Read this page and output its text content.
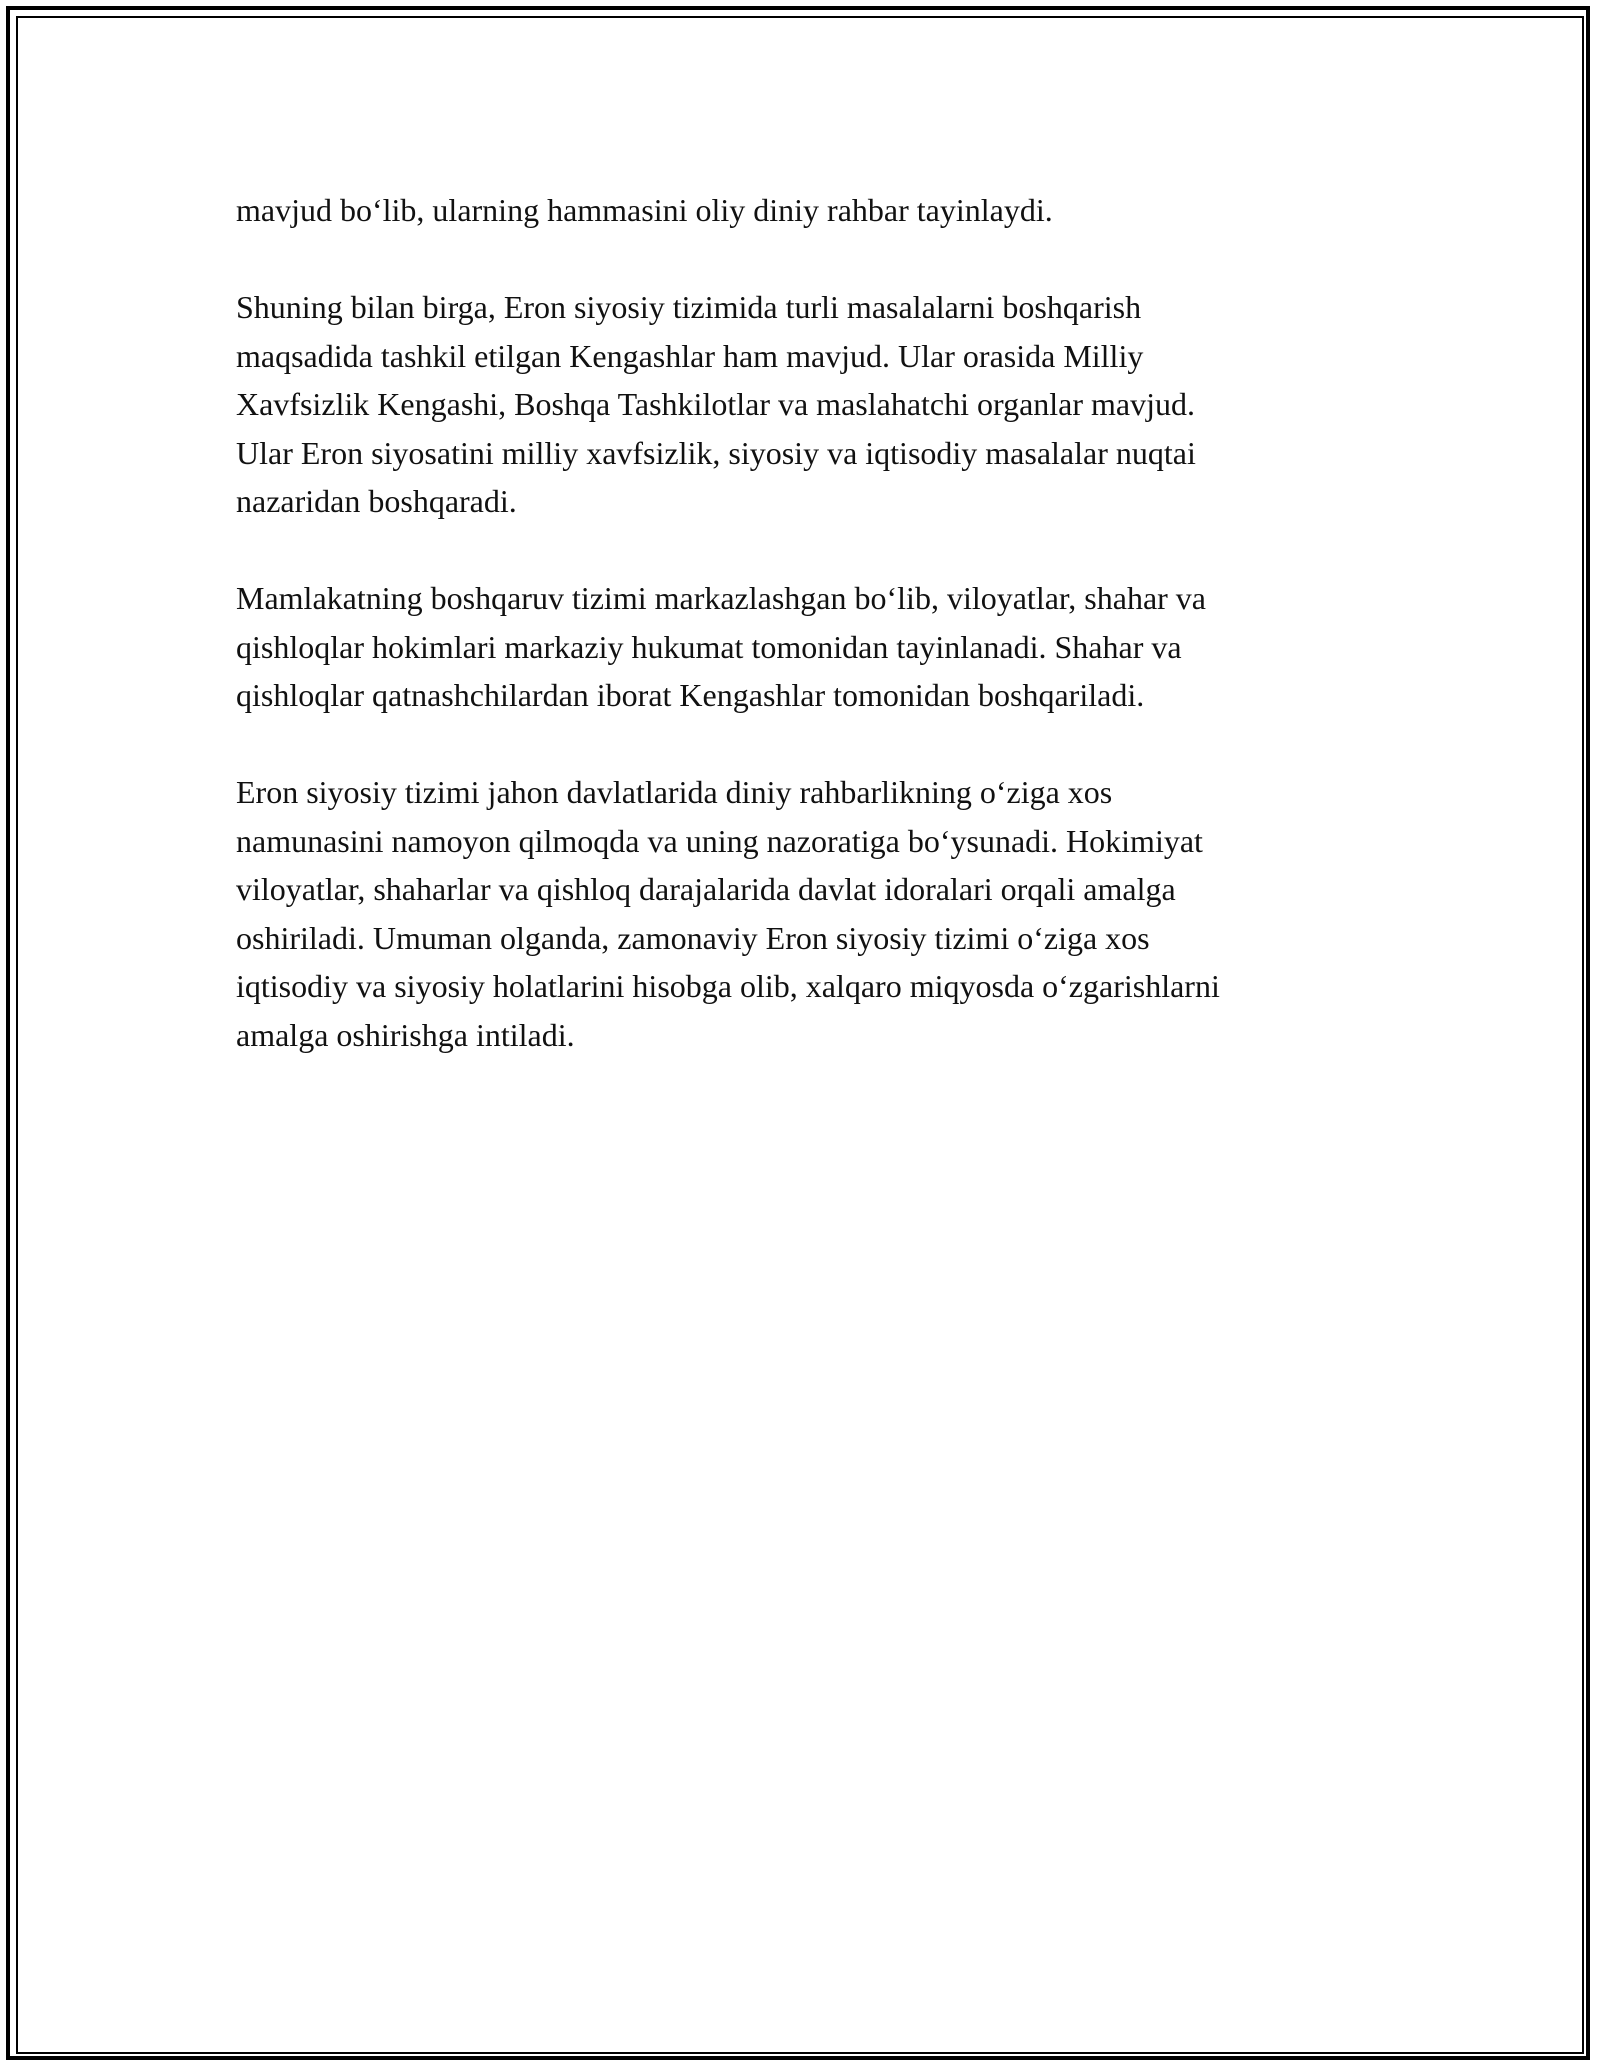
mavjud bo‘lib, ularning hammasini oliy diniy rahbar tayinlaydi.

Shuning bilan birga, Eron siyosiy tizimida turli masalalarni boshqarish
maqsadida tashkil etilgan Kengashlar ham mavjud. Ular orasida Milliy
Xavfsizlik Kengashi, Boshqa Tashkilotlar va maslahatchi organlar mavjud.
Ular Eron siyosatini milliy xavfsizlik, siyosiy va iqtisodiy masalalar nuqtai
nazaridan boshqaradi.

Mamlakatning boshqaruv tizimi markazlashgan bo‘lib, viloyatlar, shahar va
qishloqlar hokimlari markaziy hukumat tomonidan tayinlanadi. Shahar va
qishloqlar qatnashchilardan iborat Kengashlar tomonidan boshqariladi.

Eron siyosiy tizimi jahon davlatlarida diniy rahbarlikning o‘ziga xos
namunasini namoyon qilmoqda va uning nazoratiga bo‘ysunadi. Hokimiyat
viloyatlar, shaharlar va qishloq darajalarida davlat idoralari orqali amalga
oshiriladi. Umuman olganda, zamonaviy Eron siyosiy tizimi o‘ziga xos
iqtisodiy va siyosiy holatlarini hisobga olib, xalqaro miqyosda o‘zgarishlarni
amalga oshirishga intiladi.
